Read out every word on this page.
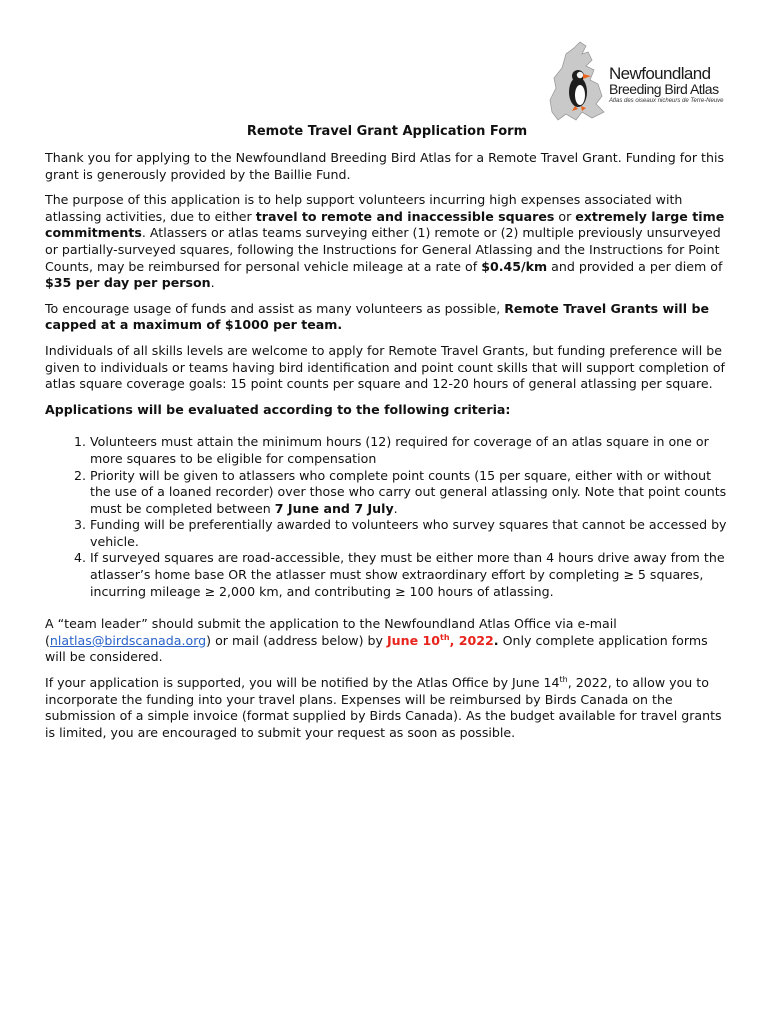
Newfoundland
Breeding Bird Atlas
Atlas des oiseaux nicheurs de Terre-Neuve
Remote Travel Grant Application Form

Thank you for applying to the Newfoundland Breeding Bird Atlas for a Remote Travel Grant. Funding for this grant is generously provided by the Baillie Fund.

The purpose of this application is to help support volunteers incurring high expenses associated with atlassing activities, due to either travel to remote and inaccessible squares or extremely large time commitments. Atlassers or atlas teams surveying either (1) remote or (2) multiple previously unsurveyed or partially-surveyed squares, following the Instructions for General Atlassing and the Instructions for Point Counts, may be reimbursed for personal vehicle mileage at a rate of $0.45/km and provided a per diem of $35 per day per person.

To encourage usage of funds and assist as many volunteers as possible, Remote Travel Grants will be capped at a maximum of $1000 per team.

Individuals of all skills levels are welcome to apply for Remote Travel Grants, but funding preference will be given to individuals or teams having bird identification and point count skills that will support completion of atlas square coverage goals: 15 point counts per square and 12-20 hours of general atlassing per square.

Applications will be evaluated according to the following criteria:

1. Volunteers must attain the minimum hours (12) required for coverage of an atlas square in one or more squares to be eligible for compensation
2. Priority will be given to atlassers who complete point counts (15 per square, either with or without the use of a loaned recorder) over those who carry out general atlassing only. Note that point counts must be completed between 7 June and 7 July.
3. Funding will be preferentially awarded to volunteers who survey squares that cannot be accessed by vehicle.
4. If surveyed squares are road-accessible, they must be either more than 4 hours drive away from the atlasser’s home base OR the atlasser must show extraordinary effort by completing ≥ 5 squares, incurring mileage ≥ 2,000 km, and contributing ≥ 100 hours of atlassing.

A “team leader” should submit the application to the Newfoundland Atlas Office via e-mail (nlatlas@birdscanada.org) or mail (address below) by June 10th, 2022. Only complete application forms will be considered.

If your application is supported, you will be notified by the Atlas Office by June 14th, 2022, to allow you to incorporate the funding into your travel plans. Expenses will be reimbursed by Birds Canada on the submission of a simple invoice (format supplied by Birds Canada). As the budget available for travel grants is limited, you are encouraged to submit your request as soon as possible.
